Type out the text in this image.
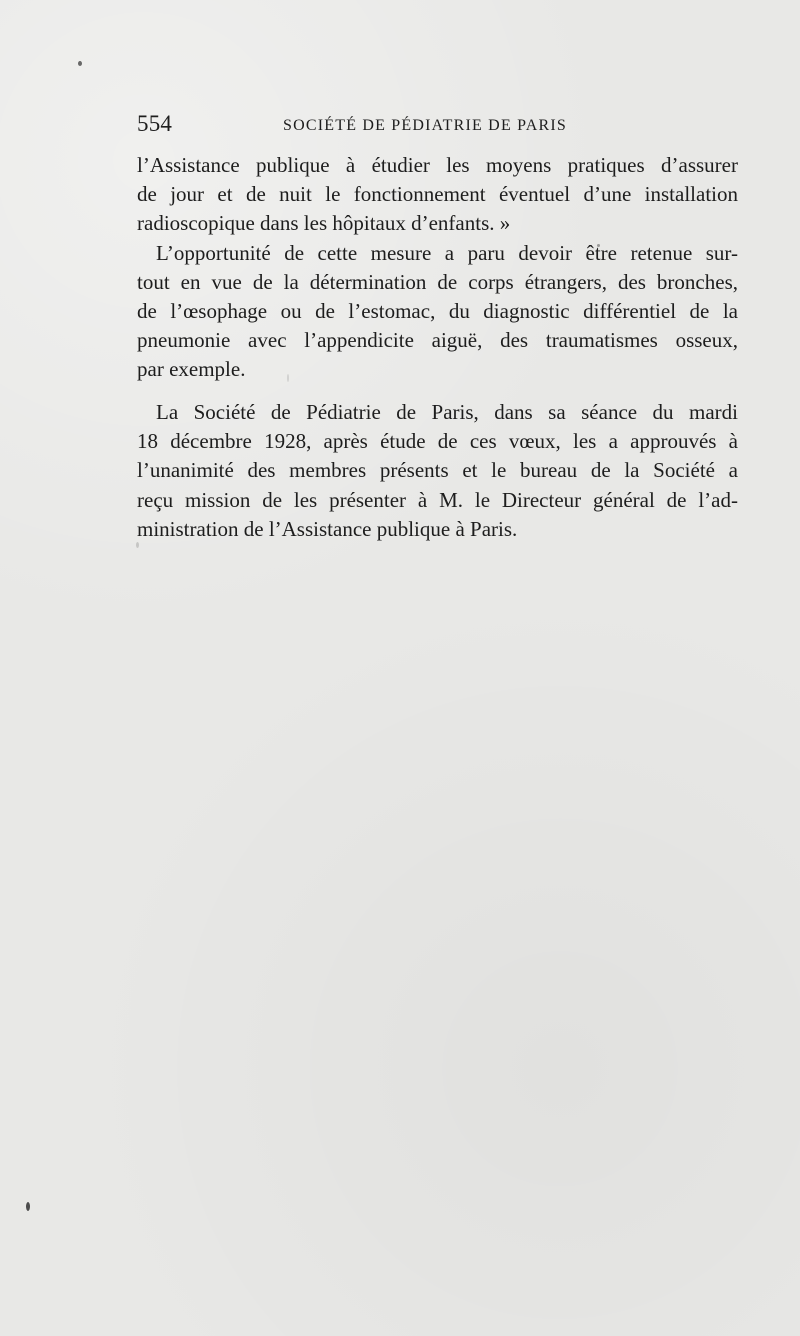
554	SOCIÉTÉ DE PÉDIATRIE DE PARIS
l’Assistance publique à étudier les moyens pratiques d’assurer
de jour et de nuit le fonctionnement éventuel d’une installation
radioscopique dans les hôpitaux d’enfants. »
L’opportunité de cette mesure a paru devoir être retenue sur-
tout en vue de la détermination de corps étrangers, des bronches,
de l’œsophage ou de l’estomac, du diagnostic différentiel de la
pneumonie avec l’appendicite aiguë, des traumatismes osseux,
par exemple.
La Société de Pédiatrie de Paris, dans sa séance du mardi
18 décembre 1928, après étude de ces vœux, les a approuvés à
l’unanimité des membres présents et le bureau de la Société a
reçu mission de les présenter à M. le Directeur général de l’ad-
ministration de l’Assistance publique à Paris.
